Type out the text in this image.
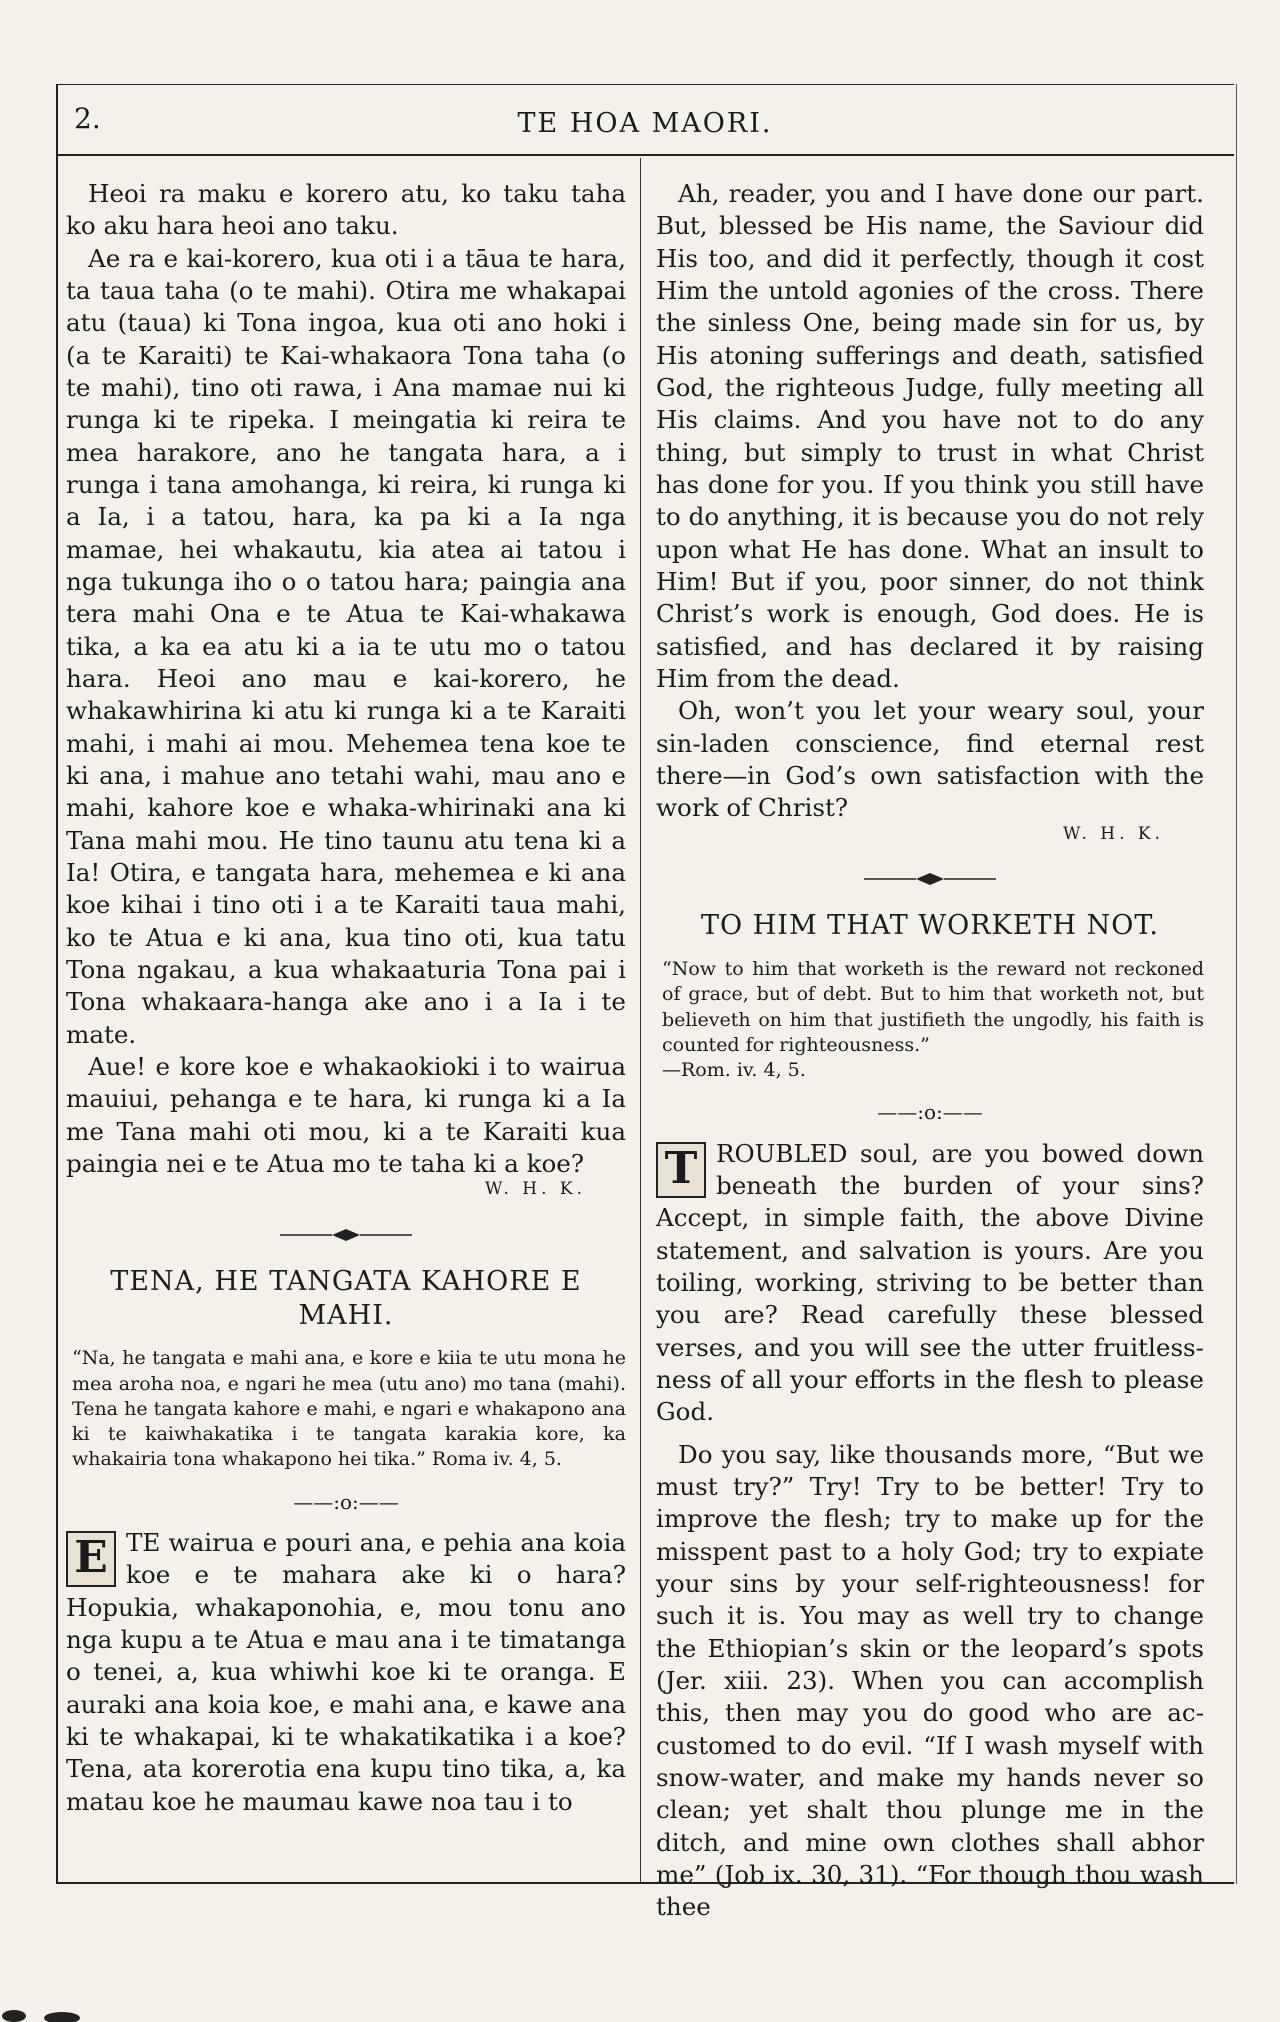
2.	TE HOA MAORI.

Heoi ra maku e korero atu, ko taku taha ko aku hara heoi ano taku.

Ae ra e kai-korero, kua oti i a tāua te hara, ta taua taha (o te mahi). Otira me whakapai atu (taua) ki Tona ingoa, kua oti ano hoki i (a te Karaiti) te Kai-whakaora Tona taha (o te mahi), tino oti rawa, i Ana mamae nui ki runga ki te ripeka. I meingatia ki reira te mea harakore, ano he tangata hara, a i runga i tana amohanga, ki reira, ki runga ki a Ia, i a tatou, hara, ka pa ki a Ia nga mamae, hei whakautu, kia atea ai tatou i nga tukunga iho o o tatou hara; paingia ana tera mahi Ona e te Atua te Kai-whakawa tika, a ka ea atu ki a ia te utu mo o tatou hara. Heoi ano mau e kai-korero, he whakawhirina ki atu ki runga ki a te Karaiti mahi, i mahi ai mou. Mehemea tena koe te ki ana, i mahue ano tetahi wahi, mau ano e mahi, kahore koe e whaka-whirinaki ana ki Tana mahi mou. He tino taunu atu tena ki a Ia! Otira, e tangata hara, mehemea e ki ana koe kihai i tino oti i a te Karaiti taua mahi, ko te Atua e ki ana, kua tino oti, kua tatu Tona ngakau, a kua whakaaturia Tona pai i Tona whakaara-hanga ake ano i a Ia i te mate.

Aue! e kore koe e whakaokioki i to wairua mauiui, pehanga e te hara, ki runga ki a Ia me Tana mahi oti mou, ki a te Karaiti kua paingia nei e te Atua mo te taha ki a koe?

W. H. K.
TENA, HE TANGATA KAHORE E MAHI.

“Na, he tangata e mahi ana, e kore e kiia te utu mona he mea aroha noa, e ngari he mea (utu ano) mo tana (mahi). Tena he tangata kahore e mahi, e ngari e whakapono ana ki te kaiwhakatika i te tangata karakia kore, ka whakairia tona whakapono hei tika.” Roma iv. 4, 5.

——:o:——
E TE wairua e pouri ana, e pehia ana koia koe e te mahara ake ki o hara? Hopukia, whakaponohia, e, mou tonu ano nga kupu a te Atua e mau ana i te timatanga o tenei, a, kua whiwhi koe ki te oranga. E auraki ana koia koe, e mahi ana, e kawe ana ki te whakapai, ki te whakatikatika i a koe? Tena, ata korerotia ena kupu tino tika, a, ka matau koe he maumau kawe noa tau i to

Ah, reader, you and I have done our part. But, blessed be His name, the Saviour did His too, and did it perfectly, though it cost Him the untold agonies of the cross. There the sinless One, being made sin for us, by His atoning sufferings and death, satisfied God, the righteous Judge, fully meeting all His claims. And you have not to do any thing, but simply to trust in what Christ has done for you. If you think you still have to do anything, it is because you do not rely upon what He has done. What an insult to Him! But if you, poor sinner, do not think Christ’s work is enough, God does. He is satisfied, and has declared it by raising Him from the dead.

Oh, won’t you let your weary soul, your sin-laden conscience, find eternal rest there—in God’s own satisfaction with the work of Christ?

W. H. K.
TO HIM THAT WORKETH NOT.

“Now to him that worketh is the reward not reckoned of grace, but of debt. But to him that worketh not, but believeth on him that justifieth the ungodly, his faith is counted for righteousness.”
—Rom. iv. 4, 5.

——:o:——
T ROUBLED soul, are you bowed down beneath the burden of your sins? Accept, in simple faith, the above Divine statement, and salvation is yours. Are you toiling, working, striving to be better than you are? Read carefully these blessed verses, and you will see the utter fruitless-ness of all your efforts in the flesh to please God.

Do you say, like thousands more, “But we must try?” Try! Try to be better! Try to improve the flesh; try to make up for the misspent past to a holy God; try to expiate your sins by your self-righteousness! for such it is. You may as well try to change the Ethiopian’s skin or the leopard’s spots (Jer. xiii. 23). When you can accomplish this, then may you do good who are ac-customed to do evil. “If I wash myself with snow-water, and make my hands never so clean; yet shalt thou plunge me in the ditch, and mine own clothes shall abhor me” (Job ix. 30, 31). “For though thou wash thee
